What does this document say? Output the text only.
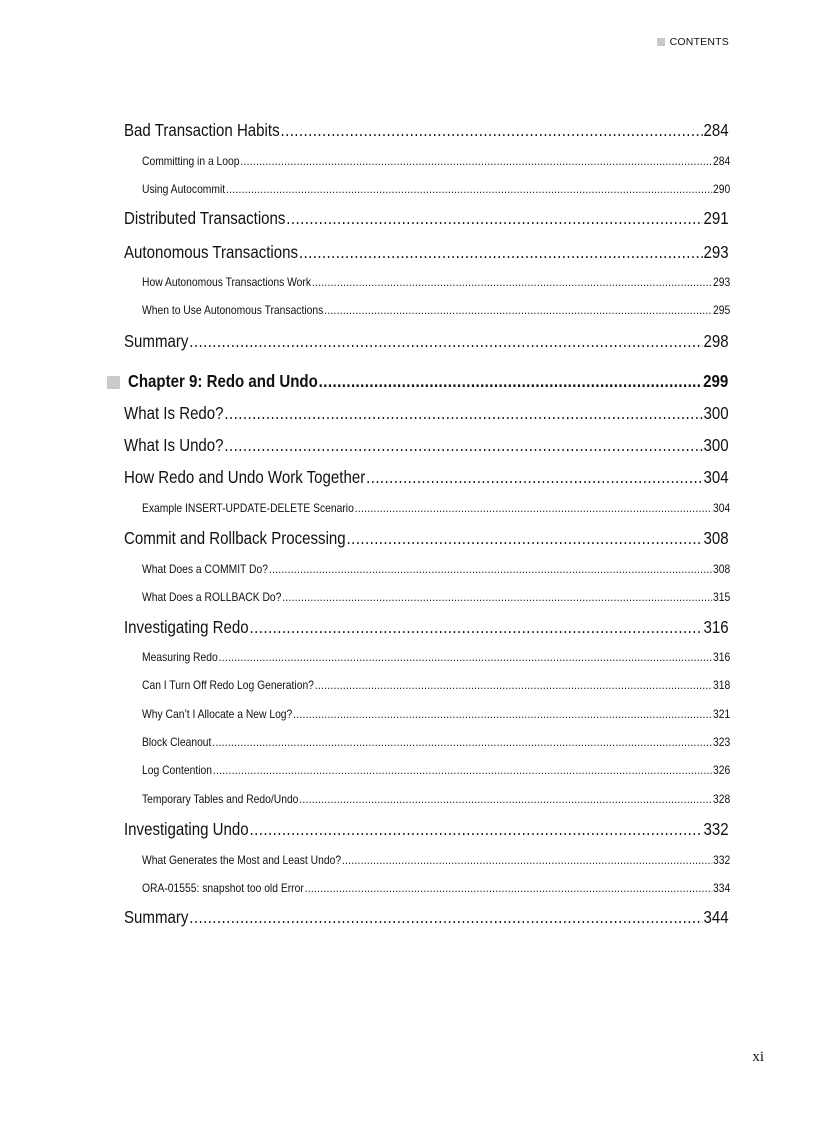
CONTENTS
Bad Transaction Habits .....	284
Committing in a Loop .....	284
Using Autocommit .....	290
Distributed Transactions .....	291
Autonomous Transactions .....	293
How Autonomous Transactions Work .....	293
When to Use Autonomous Transactions .....	295
Summary .....	298
Chapter 9: Redo and Undo .....	299
What Is Redo? .....	300
What Is Undo? .....	300
How Redo and Undo Work Together .....	304
Example INSERT-UPDATE-DELETE Scenario .....	304
Commit and Rollback Processing .....	308
What Does a COMMIT Do? .....	308
What Does a ROLLBACK Do? .....	315
Investigating Redo .....	316
Measuring Redo .....	316
Can I Turn Off Redo Log Generation? .....	318
Why Can’t I Allocate a New Log? .....	321
Block Cleanout .....	323
Log Contention .....	326
Temporary Tables and Redo/Undo .....	328
Investigating Undo .....	332
What Generates the Most and Least Undo? .....	332
ORA-01555: snapshot too old Error .....	334
Summary .....	344
xi
